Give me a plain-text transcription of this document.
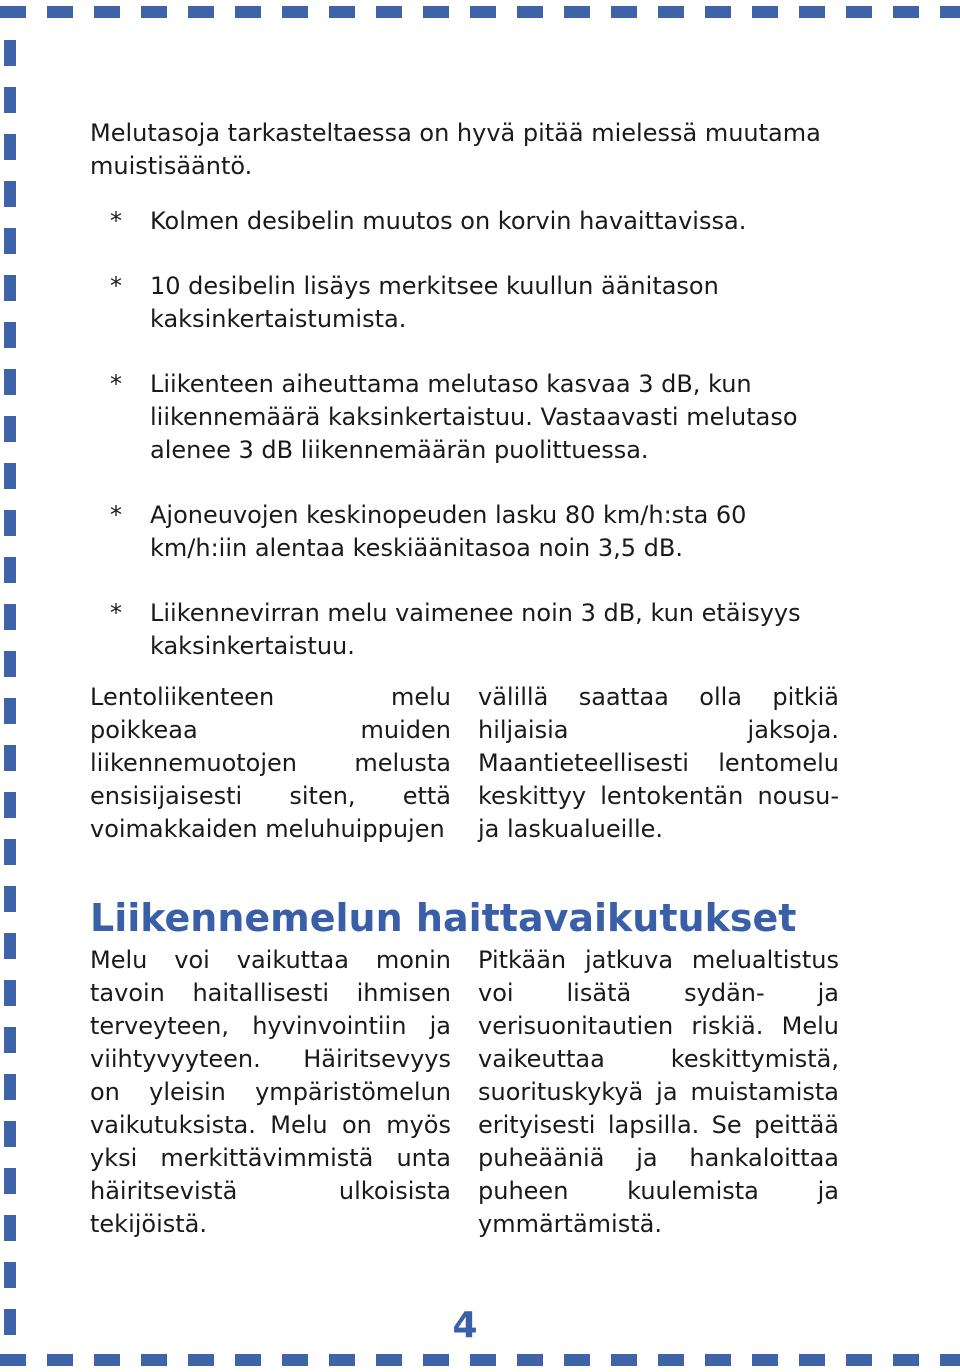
Melutasoja tarkasteltaessa on hyvä pitää mielessä muutama muistisääntö.

* Kolmen desibelin muutos on korvin havaittavissa.
* 10 desibelin lisäys merkitsee kuullun äänitason kaksinkertaistumista.
* Liikenteen aiheuttama melutaso kasvaa 3 dB, kun liikennemäärä kaksinkertaistuu. Vastaavasti melutaso alenee 3 dB liikennemäärän puolittuessa.
* Ajoneuvojen keskinopeuden lasku 80 km/h:sta 60 km/h:iin alentaa keskiäänitasoa noin 3,5 dB.
* Liikennevirran melu vaimenee noin 3 dB, kun etäisyys kaksinkertaistuu.
Lentoliikenteen melu poikkeaa muiden liikennemuotojen melusta ensisijaisesti siten, että voimakkaiden meluhuippujen
välillä saattaa olla pitkiä hiljaisia jaksoja. Maantieteellisesti lentomelu keskittyy lentokentän nousu- ja laskualueille.
Liikennemelun haittavaikutukset
Melu voi vaikuttaa monin tavoin haitallisesti ihmisen terveyteen, hyvinvointiin ja viihtyvyyteen. Häiritsevyys on yleisin ympäristömelun vaikutuksista. Melu on myös yksi merkittävimmistä unta häiritsevistä ulkoisista tekijöistä.
Pitkään jatkuva melualtistus voi lisätä sydän- ja verisuonitautien riskiä. Melu vaikeuttaa keskittymistä, suorituskykyä ja muistamista erityisesti lapsilla. Se peittää puheääniä ja hankaloittaa puheen kuulemista ja ymmärtämistä.
4
